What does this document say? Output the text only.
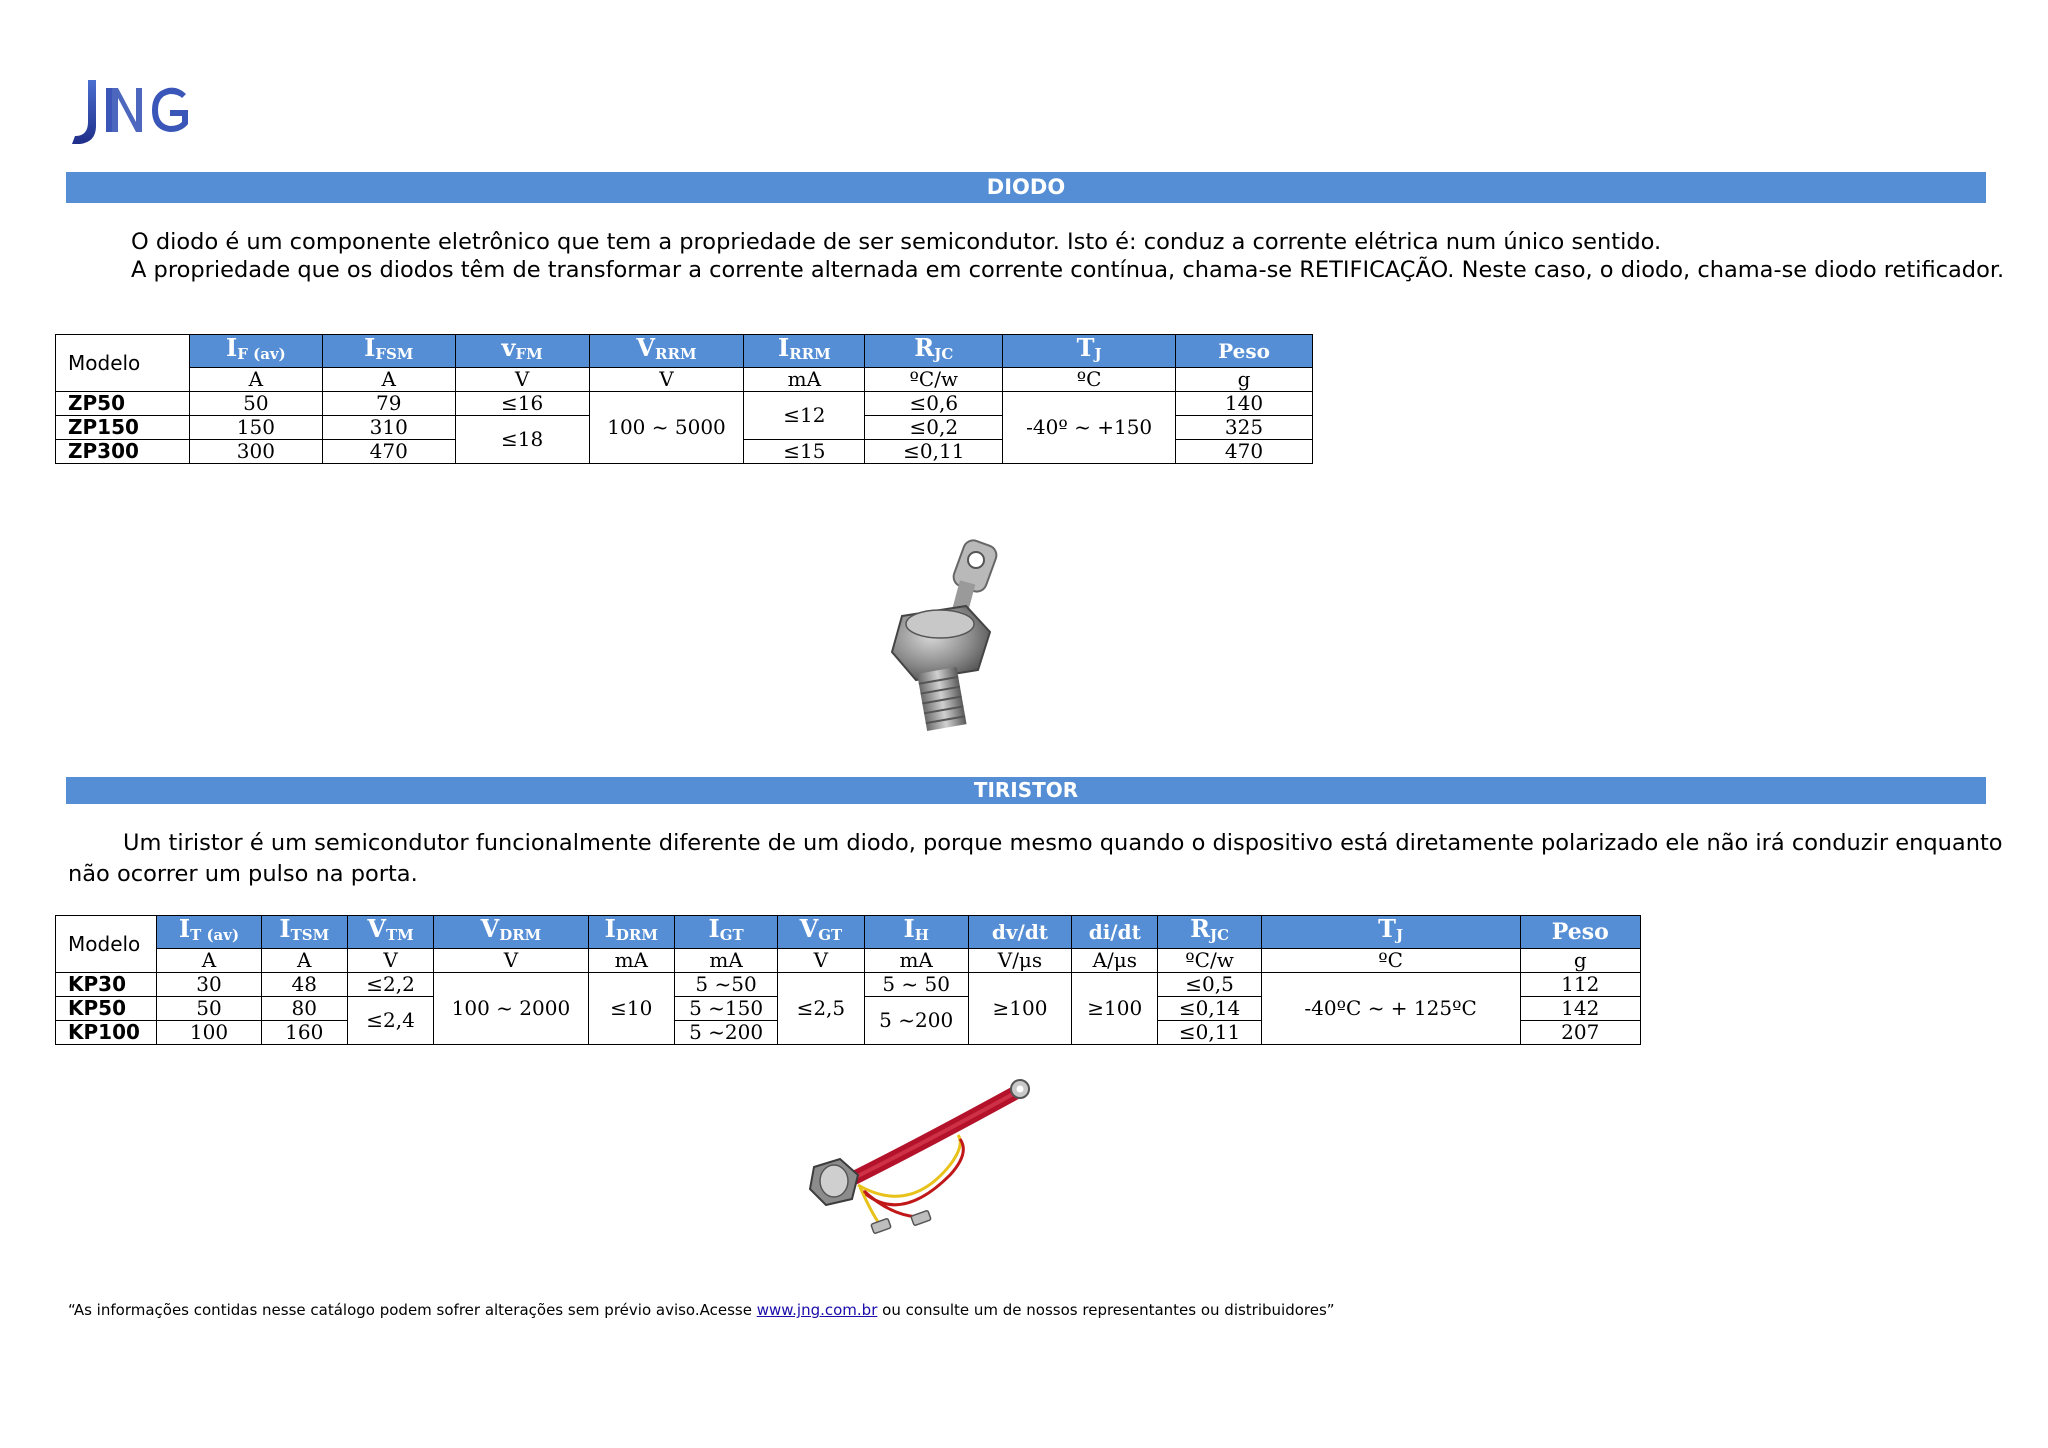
DIODO
O diodo é um componente eletrônico que tem a propriedade de ser semicondutor. Isto é: conduz a corrente elétrica num único sentido.
A propriedade que os diodos têm de transformar a corrente alternada em corrente contínua, chama-se RETIFICAÇÃO. Neste caso, o diodo, chama-se diodo retificador.
Modelo	$I_{F (av)}$	$I_{FSM}$	$v_{FM}$	$V_{RRM}$	$I_{RRM}$	$R_{JC}$	$T_J$	Peso
	A	A	V	V	mA	ºC/w	ºC	g
ZP50	50	79	≤16	100 ~ 5000	≤12	≤0,6	-40º ~ +150	140
ZP150	150	310	≤18			≤0,2		325
ZP300	300	470			≤15	≤0,11		470
TIRISTOR
Um tiristor é um semicondutor funcionalmente diferente de um diodo, porque mesmo quando o dispositivo está diretamente polarizado ele não irá conduzir enquanto
não ocorrer um pulso na porta.
Modelo	$I_{T (av)}$	$I_{TSM}$	$V_{TM}$	$V_{DRM}$	$I_{DRM}$	$I_{GT}$	$V_{GT}$	$I_H$	dv/dt	di/dt	$R_{JC}$	$T_J$	Peso
	A	A	V	V	mA	mA	V	mA	V/μs	A/μs	ºC/w	ºC	g
KP30	30	48	≤2,2	100 ~ 2000	≤10	5 ~50	≤2,5	5 ~ 50	≥100	≥100	≤0,5	-40ºC ~ + 125ºC	112
KP50	50	80	≤2,4			5 ~150		5 ~200			≤0,14		142
KP100	100	160				5 ~200					≤0,11		207
“As informações contidas nesse catálogo podem sofrer alterações sem prévio aviso.Acesse www.jng.com.br ou consulte um de nossos representantes ou distribuidores”
